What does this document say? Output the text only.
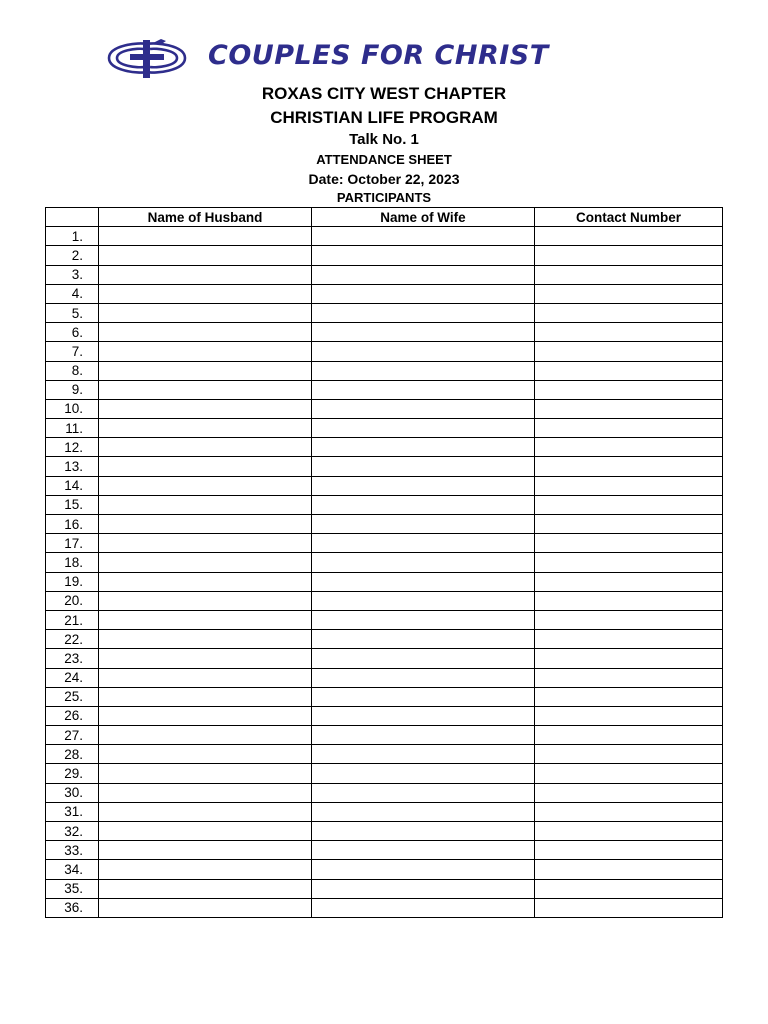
COUPLES FOR CHRIST
ROXAS CITY WEST CHAPTER
CHRISTIAN LIFE PROGRAM
Talk No. 1
ATTENDANCE SHEET
Date: October 22, 2023
PARTICIPANTS
	Name of Husband	Name of Wife	Contact Number
1.			
2.			
3.			
4.			
5.			
6.			
7.			
8.			
9.			
10.			
11.			
12.			
13.			
14.			
15.			
16.			
17.			
18.			
19.			
20.			
21.			
22.			
23.			
24.			
25.			
26.			
27.			
28.			
29.			
30.			
31.			
32.			
33.			
34.			
35.			
36.			
